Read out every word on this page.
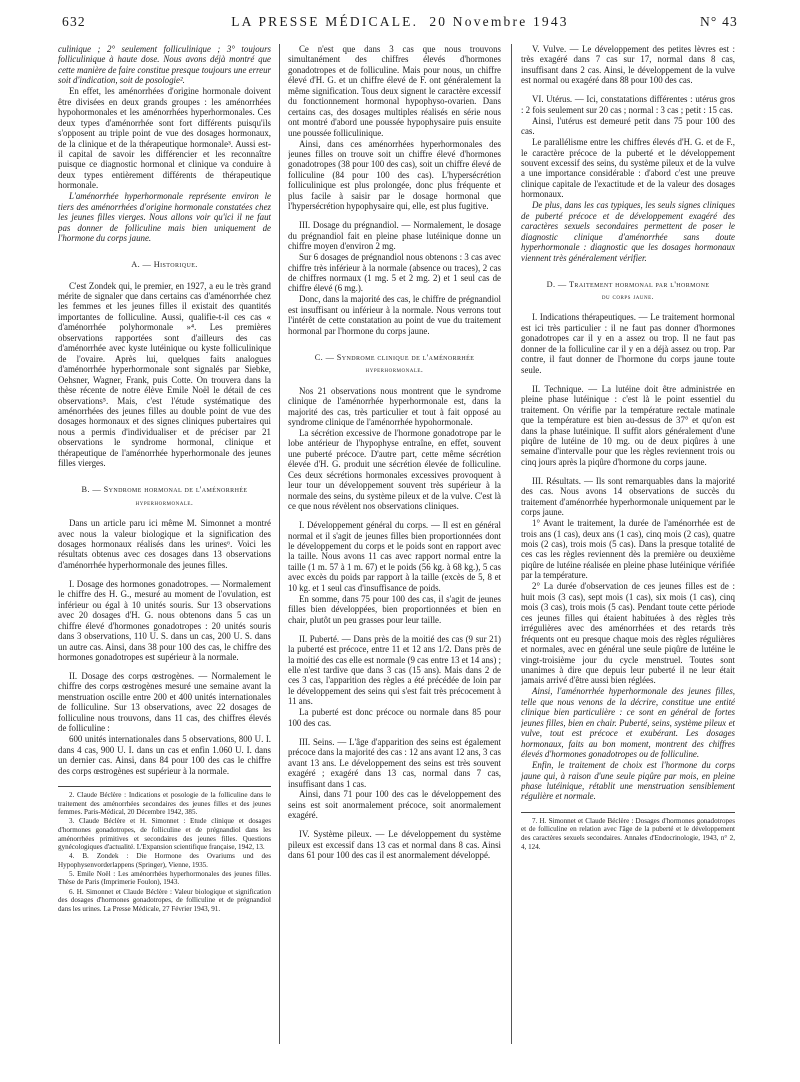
632	LA PRESSE MÉDICALE. 20 Novembre 1943	N° 43

culinique ; 2° seulement folliculinique ; 3° toujours folliculinique à haute dose. Nous avons déjà montré que cette manière de faire constitue presque toujours une erreur soit d'indication, soit de posologie².

En effet, les aménorrhées d'origine hormonale doivent être divisées en deux grands groupes : les aménorrhées hypohormonales et les aménorrhées hyperhormonales. Ces deux types d'aménorrhée sont fort différents puisqu'ils s'opposent au triple point de vue des dosages hormonaux, de la clinique et de la thérapeutique hormonale³. Aussi est-il capital de savoir les différencier et les reconnaître puisque ce diagnostic hormonal et clinique va conduire à deux types entièrement différents de thérapeutique hormonale.

L'aménorrhée hyperhormonale représente environ le tiers des aménorrhées d'origine hormonale constatées chez les jeunes filles vierges. Nous allons voir qu'ici il ne faut pas donner de folliculine mais bien uniquement de l'hormone du corps jaune.

A. — Historique.

C'est Zondek qui, le premier, en 1927, a eu le très grand mérite de signaler que dans certains cas d'aménorrhée chez les femmes et les jeunes filles il existait des quantités importantes de folliculine. Aussi, qualifie-t-il ces cas « d'aménorrhée polyhormonale »⁴. Les premières observations rapportées sont d'ailleurs des cas d'aménorrhée avec kyste lutéinique ou kyste folliculinique de l'ovaire. Après lui, quelques faits analogues d'aménorrhée hyperhormonale sont signalés par Siebke, Oehsner, Wagner, Frank, puis Cotte. On trouvera dans la thèse récente de notre élève Emile Noël le détail de ces observations⁵. Mais, c'est l'étude systématique des aménorrhées des jeunes filles au double point de vue des dosages hormonaux et des signes cliniques pubertaires qui nous a permis d'individualiser et de préciser par 21 observations le syndrome hormonal, clinique et thérapeutique de l'aménorrhée hyperhormonale des jeunes filles vierges.

B. — Syndrome hormonal de l'aménorrhée
hyperhormonale.

Dans un article paru ici même M. Simonnet a montré avec nous la valeur biologique et la signification des dosages hormonaux réalisés dans les urines⁶. Voici les résultats obtenus avec ces dosages dans 13 observations d'aménorrhée hyperhormonale des jeunes filles.

I. Dosage des hormones gonadotropes. — Normalement le chiffre des H. G., mesuré au moment de l'ovulation, est inférieur ou égal à 10 unités souris. Sur 13 observations avec 20 dosages d'H. G. nous obtenons dans 5 cas un chiffre élevé d'hormones gonadotropes : 20 unités souris dans 3 observations, 110 U. S. dans un cas, 200 U. S. dans un autre cas. Ainsi, dans 38 pour 100 des cas, le chiffre des hormones gonadotropes est supérieur à la normale.

II. Dosage des corps œstrogènes. — Normalement le chiffre des corps œstrogènes mesuré une semaine avant la menstruation oscille entre 200 et 400 unités internationales de folliculine. Sur 13 observations, avec 22 dosages de folliculine nous trouvons, dans 11 cas, des chiffres élevés de folliculine :

600 unités internationales dans 5 observations, 800 U. I. dans 4 cas, 900 U. I. dans un cas et enfin 1.060 U. I. dans un dernier cas. Ainsi, dans 84 pour 100 des cas le chiffre des corps œstrogènes est supérieur à la normale.

2. Claude Béclère : Indications et posologie de la folliculine dans le traitement des aménorrhées secondaires des jeunes filles et des jeunes femmes. Paris-Médical, 20 Décembre 1942, 385.

3. Claude Béclère et H. Simonnet : Etude clinique et dosages d'hormones gonadotropes, de folliculine et de prégnandiol dans les aménorrhées primitives et secondaires des jeunes filles. Questions gynécologiques d'actualité. L'Expansion scientifique française, 1942, 13.

4. B. Zondek : Die Hormone des Ovariums und des Hypophysenvorderlappens (Springer), Vienne, 1935.

5. Emile Noël : Les aménorrhées hyperhormonales des jeunes filles. Thèse de Paris (Imprimerie Foulon), 1943.

6. H. Simonnet et Claude Béclère : Valeur biologique et signification des dosages d'hormones gonadotropes, de folliculine et de prégnandiol dans les urines. La Presse Médicale, 27 Février 1943, 91.

Ce n'est que dans 3 cas que nous trouvons simultanément des chiffres élevés d'hormones gonadotropes et de folliculine. Mais pour nous, un chiffre élevé d'H. G. et un chiffre élevé de F. ont généralement la même signification. Tous deux signent le caractère excessif du fonctionnement hormonal hypophyso-ovarien. Dans certains cas, des dosages multiples réalisés en série nous ont montré d'abord une poussée hypophysaire puis ensuite une poussée folliculinique.

Ainsi, dans ces aménorrhées hyperhormonales des jeunes filles on trouve soit un chiffre élevé d'hormones gonadotropes (38 pour 100 des cas), soit un chiffre élevé de folliculine (84 pour 100 des cas). L'hypersécrétion folliculinique est plus prolongée, donc plus fréquente et plus facile à saisir par le dosage hormonal que l'hypersécrétion hypophysaire qui, elle, est plus fugitive.

III. Dosage du prégnandiol. — Normalement, le dosage du prégnandiol fait en pleine phase lutéinique donne un chiffre moyen d'environ 2 mg.

Sur 6 dosages de prégnandiol nous obtenons : 3 cas avec chiffre très inférieur à la normale (absence ou traces), 2 cas de chiffres normaux (1 mg. 5 et 2 mg. 2) et 1 seul cas de chiffre élevé (6 mg.).

Donc, dans la majorité des cas, le chiffre de prégnandiol est insuffisant ou inférieur à la normale. Nous verrons tout l'intérêt de cette constatation au point de vue du traitement hormonal par l'hormone du corps jaune.

C. — Syndrome clinique de l'aménorrhée
hyperhormonale.

Nos 21 observations nous montrent que le syndrome clinique de l'aménorrhée hyperhormonale est, dans la majorité des cas, très particulier et tout à fait opposé au syndrome clinique de l'aménorrhée hypohormonale.

La sécrétion excessive de l'hormone gonadotrope par le lobe antérieur de l'hypophyse entraîne, en effet, souvent une puberté précoce. D'autre part, cette même sécrétion élevée d'H. G. produit une sécrétion élevée de folliculine. Ces deux sécrétions hormonales excessives provoquent à leur tour un développement souvent très supérieur à la normale des seins, du système pileux et de la vulve. C'est là ce que nous révèlent nos observations cliniques.

I. Développement général du corps. — Il est en général normal et il s'agit de jeunes filles bien proportionnées dont le développement du corps et le poids sont en rapport avec la taille. Nous avons 11 cas avec rapport normal entre la taille (1 m. 57 à 1 m. 67) et le poids (56 kg. à 68 kg.), 5 cas avec excès du poids par rapport à la taille (excès de 5, 8 et 10 kg. et 1 seul cas d'insuffisance de poids.

En somme, dans 75 pour 100 des cas, il s'agit de jeunes filles bien développées, bien proportionnées et bien en chair, plutôt un peu grasses pour leur taille.

II. Puberté. — Dans près de la moitié des cas (9 sur 21) la puberté est précoce, entre 11 et 12 ans 1/2. Dans près de la moitié des cas elle est normale (9 cas entre 13 et 14 ans) ; elle n'est tardive que dans 3 cas (15 ans). Mais dans 2 de ces 3 cas, l'apparition des règles a été précédée de loin par le développement des seins qui s'est fait très précocement à 11 ans.

La puberté est donc précoce ou normale dans 85 pour 100 des cas.

III. Seins. — L'âge d'apparition des seins est également précoce dans la majorité des cas : 12 ans avant 12 ans, 3 cas avant 13 ans. Le développement des seins est très souvent exagéré ; exagéré dans 13 cas, normal dans 7 cas, insuffisant dans 1 cas.

Ainsi, dans 71 pour 100 des cas le développement des seins est soit anormalement précoce, soit anormalement exagéré.

IV. Système pileux. — Le développement du système pileux est excessif dans 13 cas et normal dans 8 cas. Ainsi dans 61 pour 100 des cas il est anormalement développé.

V. Vulve. — Le développement des petites lèvres est : très exagéré dans 7 cas sur 17, normal dans 8 cas, insuffisant dans 2 cas. Ainsi, le développement de la vulve est normal ou exagéré dans 88 pour 100 des cas.

VI. Utérus. — Ici, constatations différentes : utérus gros : 2 fois seulement sur 20 cas ; normal : 3 cas ; petit : 15 cas.

Ainsi, l'utérus est demeuré petit dans 75 pour 100 des cas.

Le parallélisme entre les chiffres élevés d'H. G. et de F., le caractère précoce de la puberté et le développement souvent excessif des seins, du système pileux et de la vulve a une importance considérable : d'abord c'est une preuve clinique capitale de l'exactitude et de la valeur des dosages hormonaux.

De plus, dans les cas typiques, les seuls signes cliniques de puberté précoce et de développement exagéré des caractères sexuels secondaires permettent de poser le diagnostic clinique d'aménorrhée sans doute hyperhormonale : diagnostic que les dosages hormonaux viennent très généralement vérifier.

D. — Traitement hormonal par l'hormone
du corps jaune.

I. Indications thérapeutiques. — Le traitement hormonal est ici très particulier : il ne faut pas donner d'hormones gonadotropes car il y en a assez ou trop. Il ne faut pas donner de la folliculine car il y en a déjà assez ou trop. Par contre, il faut donner de l'hormone du corps jaune toute seule.

II. Technique. — La lutéine doit être administrée en pleine phase lutéinique : c'est là le point essentiel du traitement. On vérifie par la température rectale matinale que la température est bien au-dessus de 37° et qu'on est dans la phase lutéinique. Il suffit alors généralement d'une piqûre de lutéine de 10 mg. ou de deux piqûres à une semaine d'intervalle pour que les règles reviennent trois ou cinq jours après la piqûre d'hormone du corps jaune.

III. Résultats. — Ils sont remarquables dans la majorité des cas. Nous avons 14 observations de succès du traitement d'aménorrhée hyperhormonale uniquement par le corps jaune.

1° Avant le traitement, la durée de l'aménorrhée est de trois ans (1 cas), deux ans (1 cas), cinq mois (2 cas), quatre mois (2 cas), trois mois (5 cas). Dans la presque totalité de ces cas les règles reviennent dès la première ou deuxième piqûre de lutéine réalisée en pleine phase lutéinique vérifiée par la température.

2° La durée d'observation de ces jeunes filles est de : huit mois (3 cas), sept mois (1 cas), six mois (1 cas), cinq mois (3 cas), trois mois (5 cas). Pendant toute cette période ces jeunes filles qui étaient habituées à des règles très irrégulières avec des aménorrhées et des retards très fréquents ont eu presque chaque mois des règles régulières et normales, avec en général une seule piqûre de lutéine le vingt-troisième jour du cycle menstruel. Toutes sont unanimes à dire que depuis leur puberté il ne leur était jamais arrivé d'être aussi bien réglées.

Ainsi, l'aménorrhée hyperhormonale des jeunes filles, telle que nous venons de la décrire, constitue une entité clinique bien particulière : ce sont en général de fortes jeunes filles, bien en chair. Puberté, seins, système pileux et vulve, tout est précoce et exubérant. Les dosages hormonaux, faits au bon moment, montrent des chiffres élevés d'hormones gonadotropes ou de folliculine.

Enfin, le traitement de choix est l'hormone du corps jaune qui, à raison d'une seule piqûre par mois, en pleine phase lutéinique, rétablit une menstruation sensiblement régulière et normale.

7. H. Simonnet et Claude Béclère : Dosages d'hormones gonadotropes et de folliculine en relation avec l'âge de la puberté et le développement des caractères sexuels secondaires. Annales d'Endocrinologie, 1943, n° 2, 4, 124.
